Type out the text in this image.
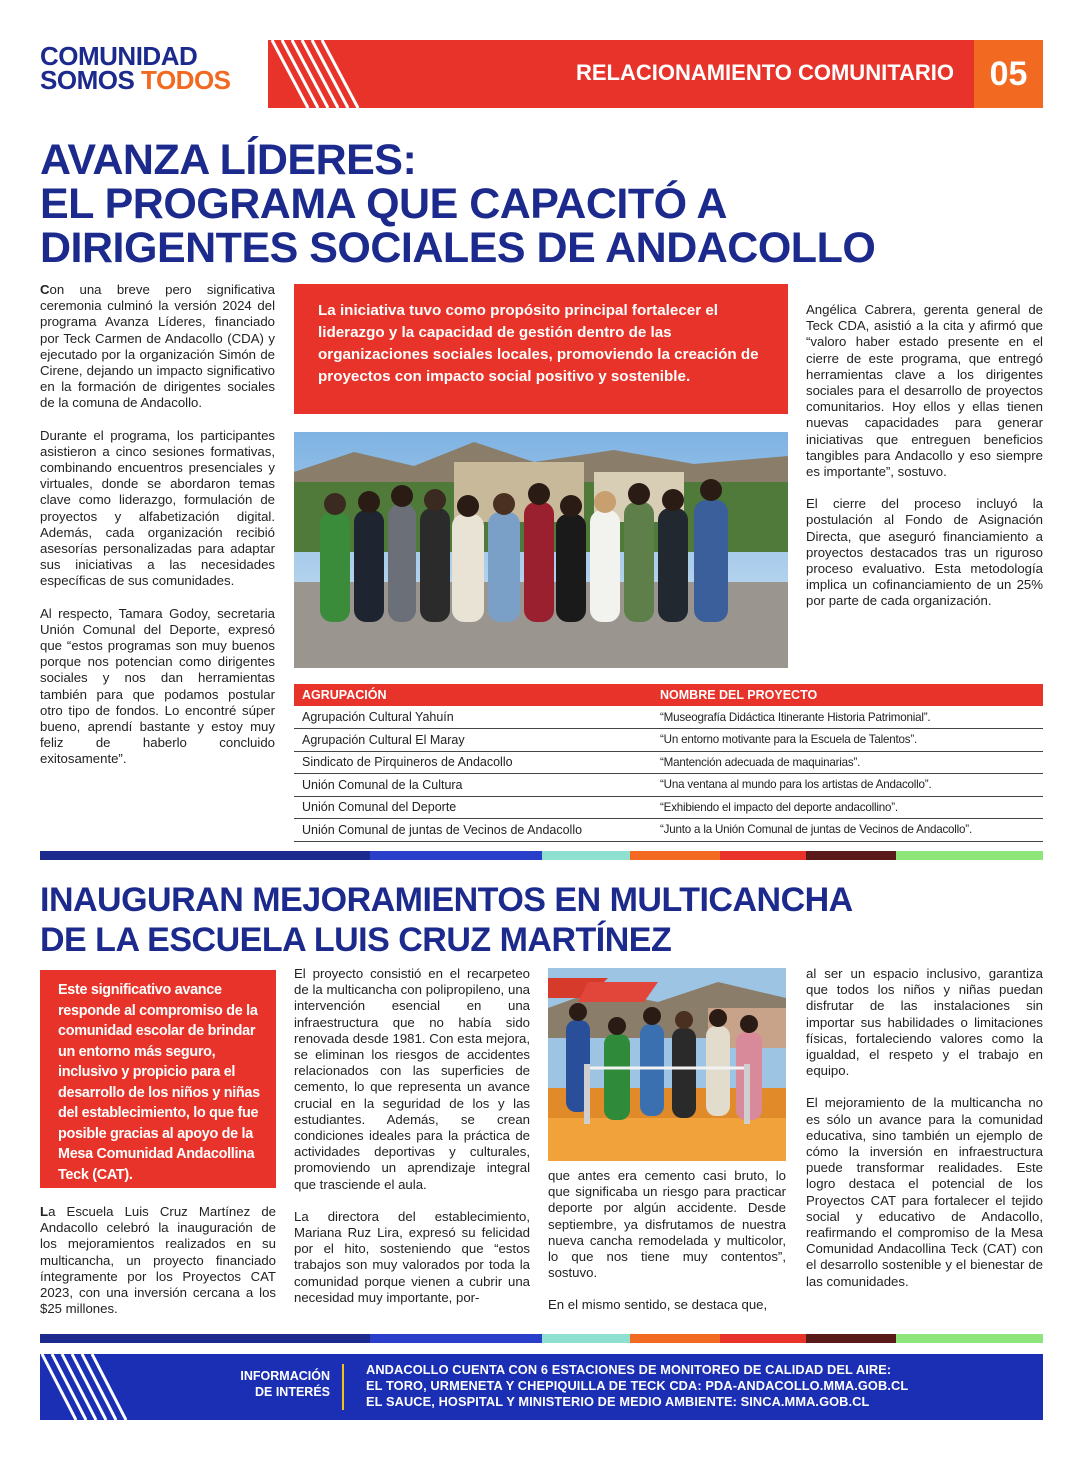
COMUNIDAD
SOMOS TODOS	RELACIONAMIENTO COMUNITARIO	05
AVANZA LÍDERES:
EL PROGRAMA QUE CAPACITÓ A
DIRIGENTES SOCIALES DE ANDACOLLO

Con una breve pero significativa ceremonia culminó la versión 2024 del programa Avanza Líderes, financiado por Teck Carmen de Andacollo (CDA) y ejecutado por la organización Simón de Cirene, dejando un impacto significativo en la formación de dirigentes sociales de la comuna de Andacollo.

Durante el programa, los participantes asistieron a cinco sesiones formativas, combinando encuentros presenciales y virtuales, donde se abordaron temas clave como liderazgo, formulación de proyectos y alfabetización digital. Además, cada organización recibió asesorías personalizadas para adaptar sus iniciativas a las necesidades específicas de sus comunidades.

Al respecto, Tamara Godoy, secretaria Unión Comunal del Deporte, expresó que “estos programas son muy buenos porque nos potencian como dirigentes sociales y nos dan herramientas también para que podamos postular otro tipo de fondos. Lo encontré súper bueno, aprendí bastante y estoy muy feliz de haberlo concluido exitosamente”.

La iniciativa tuvo como propósito principal fortalecer el liderazgo y la capacidad de gestión dentro de las organizaciones sociales locales, promoviendo la creación de proyectos con impacto social positivo y sostenible.

Angélica Cabrera, gerenta general de Teck CDA, asistió a la cita y afirmó que “valoro haber estado presente en el cierre de este programa, que entregó herramientas clave a los dirigentes sociales para el desarrollo de proyectos comunitarios. Hoy ellos y ellas tienen nuevas capacidades para generar iniciativas que entreguen beneficios tangibles para Andacollo y eso siempre es importante”, sostuvo.

El cierre del proceso incluyó la postulación al Fondo de Asignación Directa, que aseguró financiamiento a proyectos destacados tras un riguroso proceso evaluativo. Esta metodología implica un cofinanciamiento de un 25% por parte de cada organización.

AGRUPACIÓN	NOMBRE DEL PROYECTO
Agrupación Cultural Yahuín	“Museografía Didáctica Itinerante Historia Patrimonial”.
Agrupación Cultural El Maray	“Un entorno motivante para la Escuela de Talentos”.
Sindicato de Pirquineros de Andacollo	“Mantención adecuada de maquinarias”.
Unión Comunal de la Cultura	“Una ventana al mundo para los artistas de Andacollo”.
Unión Comunal del Deporte	“Exhibiendo el impacto del deporte andacollino”.
Unión Comunal de juntas de Vecinos de Andacollo	“Junto a la Unión Comunal de juntas de Vecinos de Andacollo”.
INAUGURAN MEJORAMIENTOS EN MULTICANCHA
DE LA ESCUELA LUIS CRUZ MARTÍNEZ
Este significativo avance responde al compromiso de la comunidad escolar de brindar un entorno más seguro, inclusivo y propicio para el desarrollo de los niños y niñas del establecimiento, lo que fue posible gracias al apoyo de la Mesa Comunidad Andacollina Teck (CAT).

La Escuela Luis Cruz Martínez de Andacollo celebró la inauguración de los mejoramientos realizados en su multicancha, un proyecto financiado íntegramente por los Proyectos CAT 2023, con una inversión cercana a los $25 millones.

El proyecto consistió en el recarpeteo de la multicancha con polipropileno, una intervención esencial en una infraestructura que no había sido renovada desde 1981. Con esta mejora, se eliminan los riesgos de accidentes relacionados con las superficies de cemento, lo que representa un avance crucial en la seguridad de los y las estudiantes. Además, se crean condiciones ideales para la práctica de actividades deportivas y culturales, promoviendo un aprendizaje integral que trasciende el aula.

La directora del establecimiento, Mariana Ruz Lira, expresó su felicidad por el hito, sosteniendo que “estos trabajos son muy valorados por toda la comunidad porque vienen a cubrir una necesidad muy importante, por-

que antes era cemento casi bruto, lo que significaba un riesgo para practicar deporte por algún accidente. Desde septiembre, ya disfrutamos de nuestra nueva cancha remodelada y multicolor, lo que nos tiene muy contentos”, sostuvo.

En el mismo sentido, se destaca que,

al ser un espacio inclusivo, garantiza que todos los niños y niñas puedan disfrutar de las instalaciones sin importar sus habilidades o limitaciones físicas, fortaleciendo valores como la igualdad, el respeto y el trabajo en equipo.

El mejoramiento de la multicancha no es sólo un avance para la comunidad educativa, sino también un ejemplo de cómo la inversión en infraestructura puede transformar realidades. Este logro destaca el potencial de los Proyectos CAT para fortalecer el tejido social y educativo de Andacollo, reafirmando el compromiso de la Mesa Comunidad Andacollina Teck (CAT) con el desarrollo sostenible y el bienestar de las comunidades.

INFORMACIÓN
DE INTERÉS
ANDACOLLO CUENTA CON 6 ESTACIONES DE MONITOREO DE CALIDAD DEL AIRE:
EL TORO, URMENETA Y CHEPIQUILLA DE TECK CDA: PDA-ANDACOLLO.MMA.GOB.CL
EL SAUCE, HOSPITAL Y MINISTERIO DE MEDIO AMBIENTE: SINCA.MMA.GOB.CL
